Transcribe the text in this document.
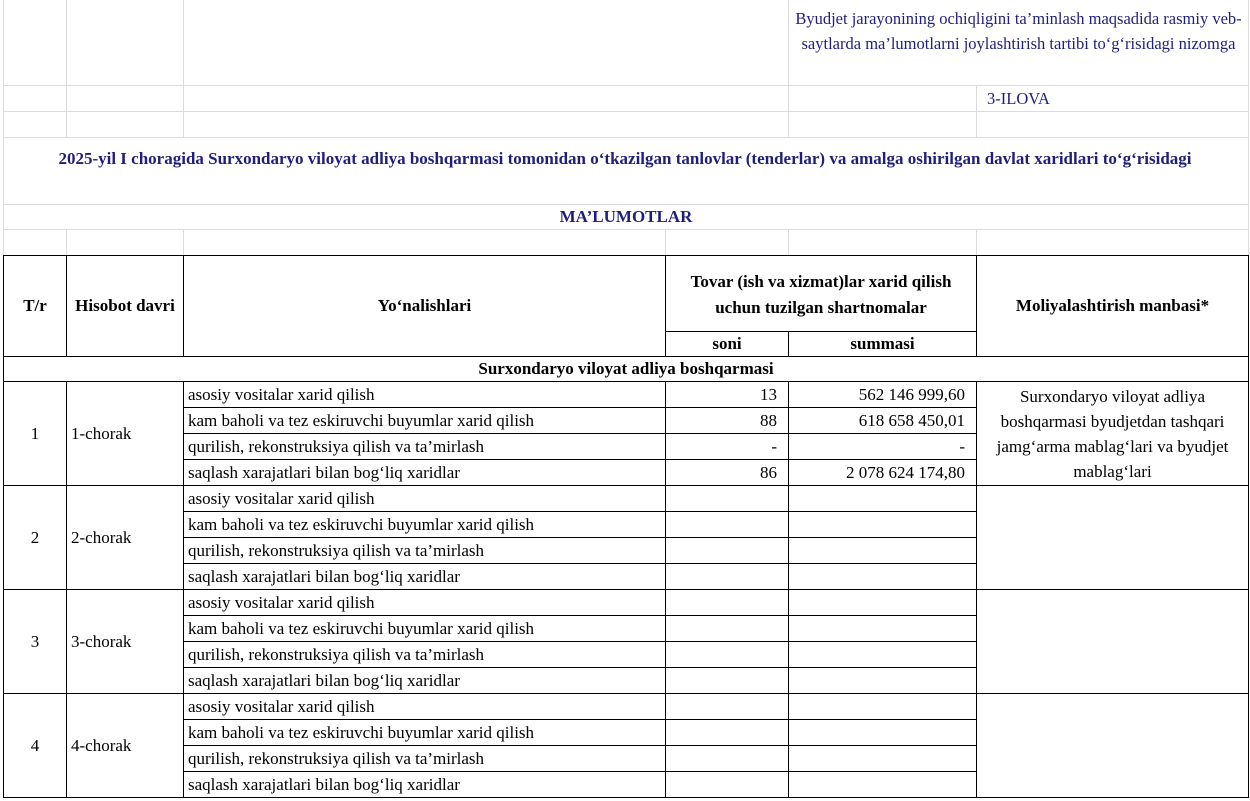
Byudjet jarayonining ochiqligini ta’minlash maqsadida rasmiy veb-saytlarda ma’lumotlarni joylashtirish tartibi to‘g‘risidagi nizomga
3-ILOVA
2025-yil I choragida Surxondaryo viloyat adliya boshqarmasi tomonidan o‘tkazilgan tanlovlar (tenderlar) va amalga oshirilgan davlat xaridlari to‘g‘risidagi
MA’LUMOTLAR
T/r	Hisobot davri	Yo‘nalishlari
Tovar (ish va xizmat)lar xarid qilish uchun tuzilgan shartnomalar
soni	summasi
Moliyalashtirish manbasi*
Surxondaryo viloyat adliya boshqarmasi
1	1-chorak
asosiy vositalar xarid qilish	13	562 146 999,60
kam baholi va tez eskiruvchi buyumlar xarid qilish	88	618 658 450,01
qurilish, rekonstruksiya qilish va ta’mirlash	-	-
saqlash xarajatlari bilan bog‘liq xaridlar	86	2 078 624 174,80
Surxondaryo viloyat adliya boshqarmasi byudjetdan tashqari jamg‘arma mablag‘lari va byudjet mablag‘lari
2	2-chorak
asosiy vositalar xarid qilish
kam baholi va tez eskiruvchi buyumlar xarid qilish
qurilish, rekonstruksiya qilish va ta’mirlash
saqlash xarajatlari bilan bog‘liq xaridlar
3	3-chorak
asosiy vositalar xarid qilish
kam baholi va tez eskiruvchi buyumlar xarid qilish
qurilish, rekonstruksiya qilish va ta’mirlash
saqlash xarajatlari bilan bog‘liq xaridlar
4	4-chorak
asosiy vositalar xarid qilish
kam baholi va tez eskiruvchi buyumlar xarid qilish
qurilish, rekonstruksiya qilish va ta’mirlash
saqlash xarajatlari bilan bog‘liq xaridlar
